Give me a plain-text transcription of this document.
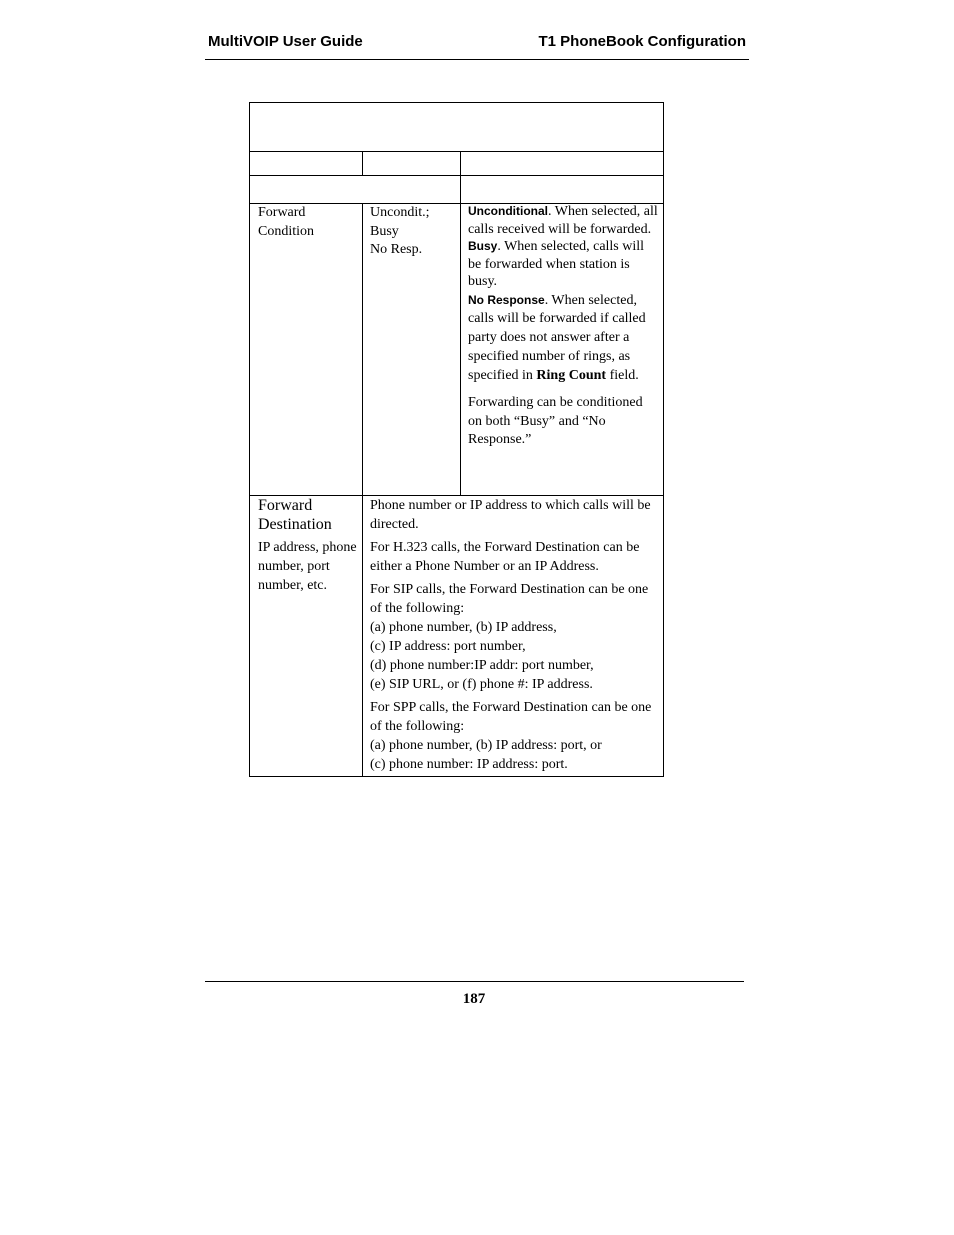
MultiVOIP User Guide	T1 PhoneBook Configuration
Forward
Condition
Uncondit.;
Busy
No Resp.

Unconditional. When selected, all calls received will be forwarded.

Busy. When selected, calls will be forwarded when station is busy.

No Response. When selected, calls will be forwarded if called party does not answer after a specified number of rings, as specified in Ring Count field.

Forwarding can be conditioned on both “Busy” and “No Response.”

Forward Destination
IP address, phone number, port number, etc.

Phone number or IP address to which calls will be directed.

For H.323 calls, the Forward Destination can be either a Phone Number or an IP Address.

For SIP calls, the Forward Destination can be one of the following:

(a) phone number, (b) IP address,

(c) IP address: port number,

(d) phone number:IP addr: port number,

(e) SIP URL, or (f) phone #: IP address.

For SPP calls, the Forward Destination can be one of the following:

(a) phone number, (b) IP address: port, or

(c) phone number: IP address: port.

187
